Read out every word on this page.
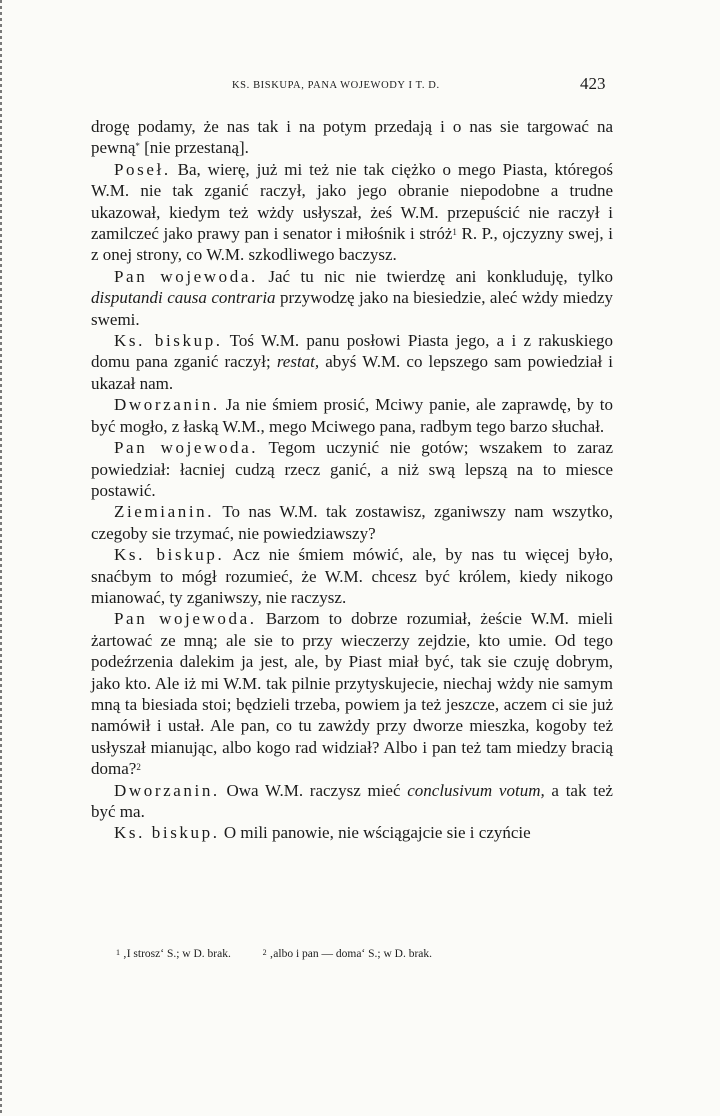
KS. BISKUPA, PANA WOJEWODY I T. D.	423

drogę podamy, że nas tak i na potym przedają i o nas sie targować na pewną* [nie przestaną].

Poseł. Ba, wierę, już mi też nie tak ciężko o mego Piasta, któregoś W.M. nie tak zganić raczył, jako jego obranie niepodobne a trudne ukazował, kiedym też wżdy usłyszał, żeś W.M. przepuścić nie raczył i zamilczeć jako prawy pan i senator i miłośnik i stróż$^1$ R. P., ojczyzny swej, i z onej strony, co W.M. szkodliwego baczysz.

Pan wojewoda. Jać tu nic nie twierdzę ani konkluduję, tylko disputandi causa contraria przywodzę jako na biesiedzie, aleć wżdy miedzy swemi.

Ks. biskup. Toś W.M. panu posłowi Piasta jego, a i z rakuskiego domu pana zganić raczył; restat, abyś W.M. co lepszego sam powiedział i ukazał nam.

Dworzanin. Ja nie śmiem prosić, Mciwy panie, ale zaprawdę, by to być mogło, z łaską W.M., mego Mciwego pana, radbym tego barzo słuchał.

Pan wojewoda. Tegom uczynić nie gotów; wszakem to zaraz powiedział: łacniej cudzą rzecz ganić, a niż swą lepszą na to miesce postawić.

Ziemianin. To nas W.M. tak zostawisz, zganiwszy nam wszytko, czegoby sie trzymać, nie powiedziawszy?

Ks. biskup. Acz nie śmiem mówić, ale, by nas tu więcej było, snaćbym to mógł rozumieć, że W.M. chcesz być królem, kiedy nikogo mianować, ty zganiwszy, nie raczysz.

Pan wojewoda. Barzom to dobrze rozumiał, żeście W.M. mieli żartować ze mną; ale sie to przy wieczerzy zejdzie, kto umie. Od tego podeźrzenia dalekim ja jest, ale, by Piast miał być, tak sie czuję dobrym, jako kto. Ale iż mi W.M. tak pilnie przytyskujecie, niechaj wżdy nie samym mną ta biesiada stoi; będzieli trzeba, powiem ja też jeszcze, aczem ci sie już namówił i ustał. Ale pan, co tu zawżdy przy dworze mieszka, kogoby też usłyszał mianując, albo kogo rad widział? Albo i pan też tam miedzy bracią doma?$^2$

Dworzanin. Owa W.M. raczysz mieć conclusivum votum, a tak też być ma.

Ks. biskup. O mili panowie, nie wściągajcie sie i czyńcie

$^1$ ‚I strosz‘ S.; w D. brak.	$^2$ ‚albo i pan — doma‘ S.; w D. brak.
